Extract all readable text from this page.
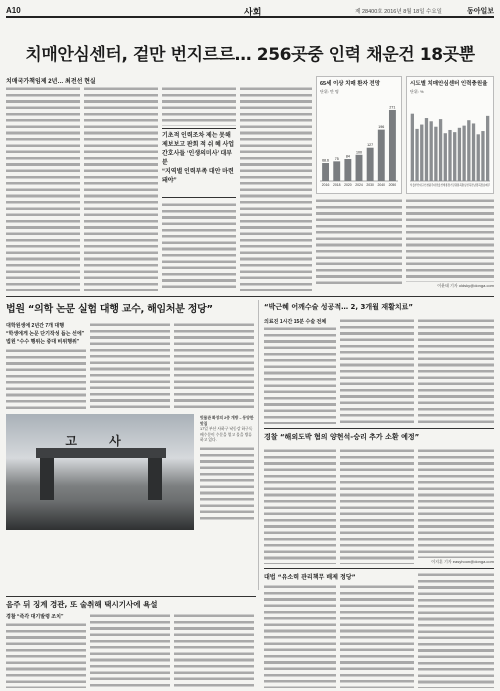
A10	사회	제 28400호 2016년 8월 18일 수요일	동아일보
치매안심센터, 겉만 번지르르… 256곳중 인력 채운건 18곳뿐
치매국가책임제 2년… 최전선 현실
기초적 인력조차 제는 못해
제보보고 판회 적 쉬 혜 사업
간호사들 ‘인생의미사’ 대부분
“지역별 인력부족 대안 마련돼야”
65세 이상 치매 환자 전망
단위: 만 명
68.6
2016
75
2018
84
2020
100
2024
127
2030
196
2040
271
2050
시도별 치매안심센터 인력충원율
단위: %
서울 부산 대구 인천 광주 대전 울산 세종 경기 강원 충북 충남 전북 전남 경북 경남 제주
이윤태 기자 oldsky@donga.com
법원 “의학 논문 실험 대행 교수, 해임처분 정당”
대학원생에 2년간 7개 대행
“학생에게 논문 단기작성 돕는 선에”
법원 “수수 행위는 중대 비위행위”
“박근혜 어깨수술 성공적… 2, 3개월 재활치료”
의료진 1시간 15분 수술 전체
고 사
빗물관 화장의 2중 개방 – 동양한 맛집
17일 부산 사하구 낙동강 하구둑 배수문이 수문을 열고 물을 방류하고 있다.	경찰 “해외도박 혐의 양현석-승리 추가 소환 예정”
이지훈 기자 easyhoon@donga.com
음주 뒤 징계 경관, 또 술취해 택시기사에 욕설
경찰 “즉각 대기발령 조치”
대법 “유소력 관리책무 배제 정당”
